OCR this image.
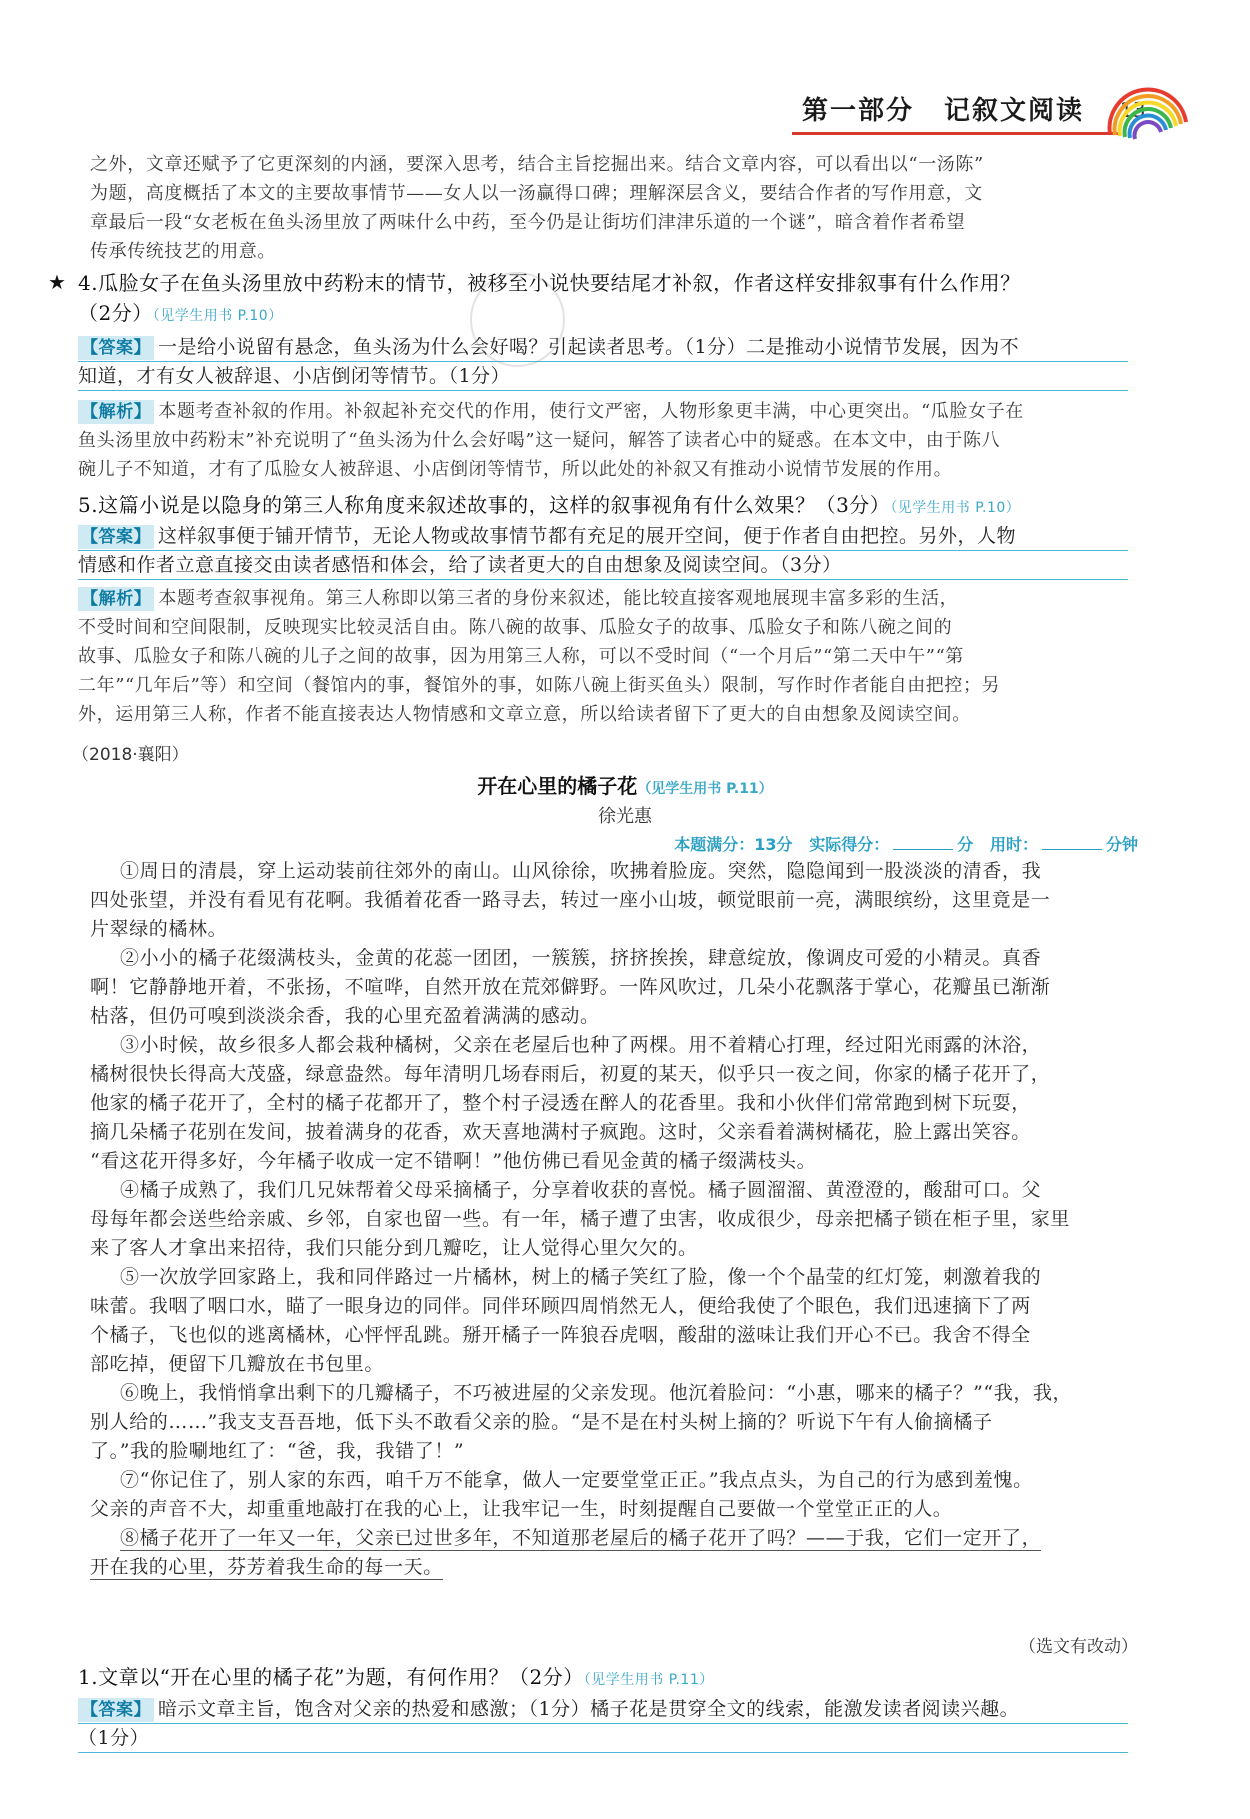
第一部分 记叙文阅读 13
之外，文章还赋予了它更深刻的内涵，要深入思考，结合主旨挖掘出来。结合文章内容，可以看出以“一汤陈”
为题，高度概括了本文的主要故事情节——女人以一汤赢得口碑；理解深层含义，要结合作者的写作用意，文
章最后一段“女老板在鱼头汤里放了两味什么中药，至今仍是让街坊们津津乐道的一个谜”，暗含着作者希望
传承传统技艺的用意。
★ 4.瓜脸女子在鱼头汤里放中药粉末的情节，被移至小说快要结尾才补叙，作者这样安排叙事有什么作用？
（2分）（见学生用书 P.10）
【答案】 一是给小说留有悬念，鱼头汤为什么会好喝？引起读者思考。（1分）二是推动小说情节发展，因为不
知道，才有女人被辞退、小店倒闭等情节。（1分）
【解析】 本题考查补叙的作用。补叙起补充交代的作用，使行文严密，人物形象更丰满，中心更突出。“瓜脸女子在
鱼头汤里放中药粉末”补充说明了“鱼头汤为什么会好喝”这一疑问，解答了读者心中的疑惑。在本文中，由于陈八
碗儿子不知道，才有了瓜脸女人被辞退、小店倒闭等情节，所以此处的补叙又有推动小说情节发展的作用。
5.这篇小说是以隐身的第三人称角度来叙述故事的，这样的叙事视角有什么效果？（3分）（见学生用书 P.10）
【答案】 这样叙事便于铺开情节，无论人物或故事情节都有充足的展开空间，便于作者自由把控。另外，人物
情感和作者立意直接交由读者感悟和体会，给了读者更大的自由想象及阅读空间。（3分）
【解析】 本题考查叙事视角。第三人称即以第三者的身份来叙述，能比较直接客观地展现丰富多彩的生活，
不受时间和空间限制，反映现实比较灵活自由。陈八碗的故事、瓜脸女子的故事、瓜脸女子和陈八碗之间的
故事、瓜脸女子和陈八碗的儿子之间的故事，因为用第三人称，可以不受时间（“一个月后”“第二天中午”“第
二年”“几年后”等）和空间（餐馆内的事，餐馆外的事，如陈八碗上街买鱼头）限制，写作时作者能自由把控；另
外，运用第三人称，作者不能直接表达人物情感和文章立意，所以给读者留下了更大的自由想象及阅读空间。
（2018·襄阳）
开在心里的橘子花（见学生用书 P.11）
徐光惠
本题满分：13分 实际得分：	分 用时：	分钟
①周日的清晨，穿上运动装前往郊外的南山。山风徐徐，吹拂着脸庞。突然，隐隐闻到一股淡淡的清香，我
四处张望，并没有看见有花啊。我循着花香一路寻去，转过一座小山坡，顿觉眼前一亮，满眼缤纷，这里竟是一
片翠绿的橘林。
②小小的橘子花缀满枝头，金黄的花蕊一团团，一簇簇，挤挤挨挨，肆意绽放，像调皮可爱的小精灵。真香
啊！它静静地开着，不张扬，不喧哗，自然开放在荒郊僻野。一阵风吹过，几朵小花飘落于掌心，花瓣虽已渐渐
枯落，但仍可嗅到淡淡余香，我的心里充盈着满满的感动。
③小时候，故乡很多人都会栽种橘树，父亲在老屋后也种了两棵。用不着精心打理，经过阳光雨露的沐浴，
橘树很快长得高大茂盛，绿意盎然。每年清明几场春雨后，初夏的某天，似乎只一夜之间，你家的橘子花开了，
他家的橘子花开了，全村的橘子花都开了，整个村子浸透在醉人的花香里。我和小伙伴们常常跑到树下玩耍，
摘几朵橘子花别在发间，披着满身的花香，欢天喜地满村子疯跑。这时，父亲看着满树橘花，脸上露出笑容。
“看这花开得多好，今年橘子收成一定不错啊！”他仿佛已看见金黄的橘子缀满枝头。
④橘子成熟了，我们几兄妹帮着父母采摘橘子，分享着收获的喜悦。橘子圆溜溜、黄澄澄的，酸甜可口。父
母每年都会送些给亲戚、乡邻，自家也留一些。有一年，橘子遭了虫害，收成很少，母亲把橘子锁在柜子里，家里
来了客人才拿出来招待，我们只能分到几瓣吃，让人觉得心里欠欠的。
⑤一次放学回家路上，我和同伴路过一片橘林，树上的橘子笑红了脸，像一个个晶莹的红灯笼，刺激着我的
味蕾。我咽了咽口水，瞄了一眼身边的同伴。同伴环顾四周悄然无人，便给我使了个眼色，我们迅速摘下了两
个橘子，飞也似的逃离橘林，心怦怦乱跳。掰开橘子一阵狼吞虎咽，酸甜的滋味让我们开心不已。我舍不得全
部吃掉，便留下几瓣放在书包里。
⑥晚上，我悄悄拿出剩下的几瓣橘子，不巧被进屋的父亲发现。他沉着脸问：“小惠，哪来的橘子？”“我，我，
别人给的……”我支支吾吾地，低下头不敢看父亲的脸。“是不是在村头树上摘的？听说下午有人偷摘橘子
了。”我的脸唰地红了：“爸，我，我错了！”
⑦“你记住了，别人家的东西，咱千万不能拿，做人一定要堂堂正正。”我点点头，为自己的行为感到羞愧。
父亲的声音不大，却重重地敲打在我的心上，让我牢记一生，时刻提醒自己要做一个堂堂正正的人。
⑧橘子花开了一年又一年，父亲已过世多年，不知道那老屋后的橘子花开了吗？——于我，它们一定开了，
开在我的心里，芬芳着我生命的每一天。
（选文有改动）
1.文章以“开在心里的橘子花”为题，有何作用？（2分）（见学生用书 P.11）
【答案】 暗示文章主旨，饱含对父亲的热爱和感激；（1分）橘子花是贯穿全文的线索，能激发读者阅读兴趣。
（1分）
